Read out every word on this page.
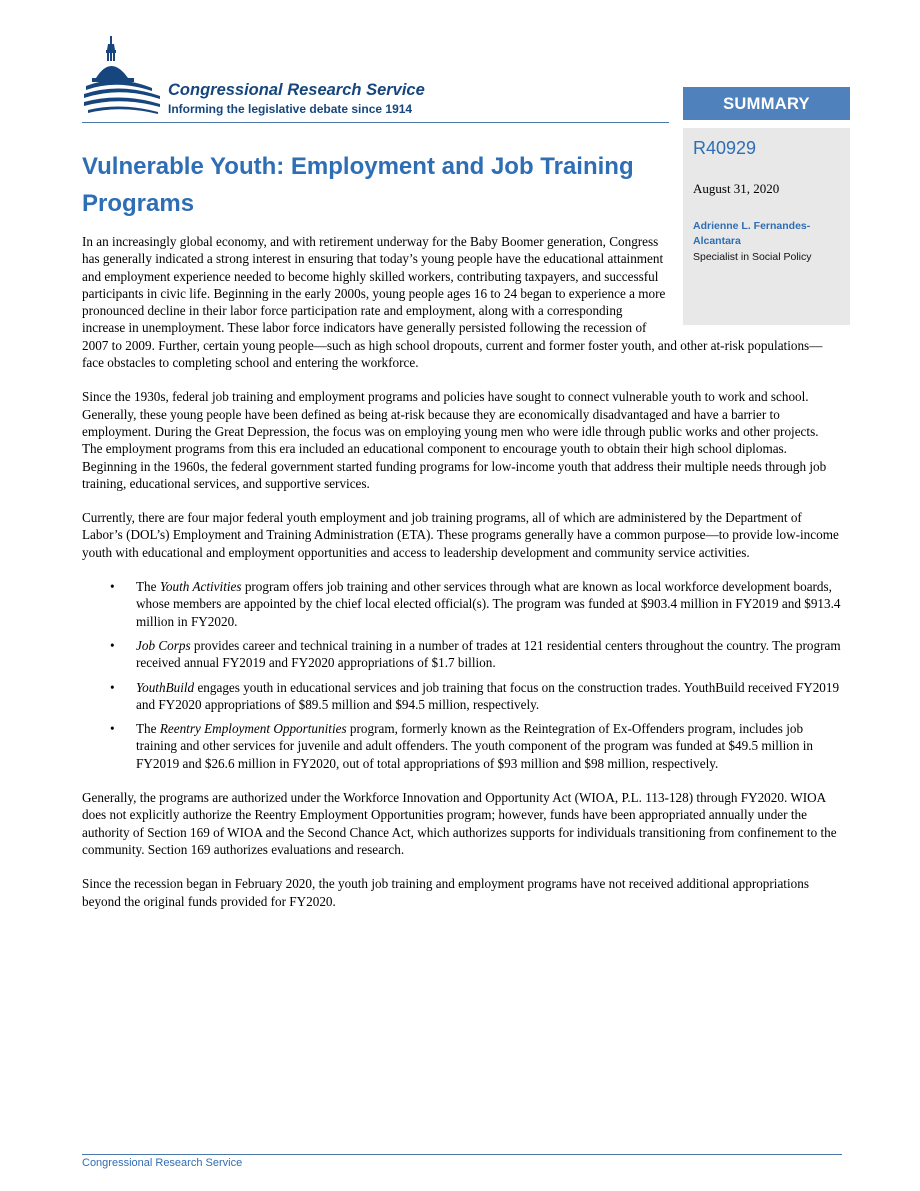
Congressional Research Service
Informing the legislative debate since 1914	SUMMARY
R40929
August 31, 2020
Adrienne L. Fernandes-Alcantara
Specialist in Social Policy
Vulnerable Youth: Employment and Job Training Programs

In an increasingly global economy, and with retirement underway for the Baby Boomer generation, Congress has generally indicated a strong interest in ensuring that today’s young people have the educational attainment and employment experience needed to become highly skilled workers, contributing taxpayers, and successful participants in civic life. Beginning in the early 2000s, young people ages 16 to 24 began to experience a more pronounced decline in their labor force participation rate and employment, along with a corresponding increase in unemployment. These labor force indicators have generally persisted following the recession of 2007 to 2009. Further, certain young people—such as high school dropouts, current and former foster youth, and other at-risk populations—face obstacles to completing school and entering the workforce.

Since the 1930s, federal job training and employment programs and policies have sought to connect vulnerable youth to work and school. Generally, these young people have been defined as being at-risk because they are economically disadvantaged and have a barrier to employment. During the Great Depression, the focus was on employing young men who were idle through public works and other projects. The employment programs from this era included an educational component to encourage youth to obtain their high school diplomas. Beginning in the 1960s, the federal government started funding programs for low-income youth that address their multiple needs through job training, educational services, and supportive services.

Currently, there are four major federal youth employment and job training programs, all of which are administered by the Department of Labor’s (DOL’s) Employment and Training Administration (ETA). These programs generally have a common purpose—to provide low-income youth with educational and employment opportunities and access to leadership development and community service activities.

• The Youth Activities program offers job training and other services through what are known as local workforce development boards, whose members are appointed by the chief local elected official(s). The program was funded at $903.4 million in FY2019 and $913.4 million in FY2020.
• Job Corps provides career and technical training in a number of trades at 121 residential centers throughout the country. The program received annual FY2019 and FY2020 appropriations of $1.7 billion.
• YouthBuild engages youth in educational services and job training that focus on the construction trades. YouthBuild received FY2019 and FY2020 appropriations of $89.5 million and $94.5 million, respectively.
• The Reentry Employment Opportunities program, formerly known as the Reintegration of Ex-Offenders program, includes job training and other services for juvenile and adult offenders. The youth component of the program was funded at $49.5 million in FY2019 and $26.6 million in FY2020, out of total appropriations of $93 million and $98 million, respectively.

Generally, the programs are authorized under the Workforce Innovation and Opportunity Act (WIOA, P.L. 113-128) through FY2020. WIOA does not explicitly authorize the Reentry Employment Opportunities program; however, funds have been appropriated annually under the authority of Section 169 of WIOA and the Second Chance Act, which authorizes supports for individuals transitioning from confinement to the community. Section 169 authorizes evaluations and research.

Since the recession began in February 2020, the youth job training and employment programs have not received additional appropriations beyond the original funds provided for FY2020.

Congressional Research Service
